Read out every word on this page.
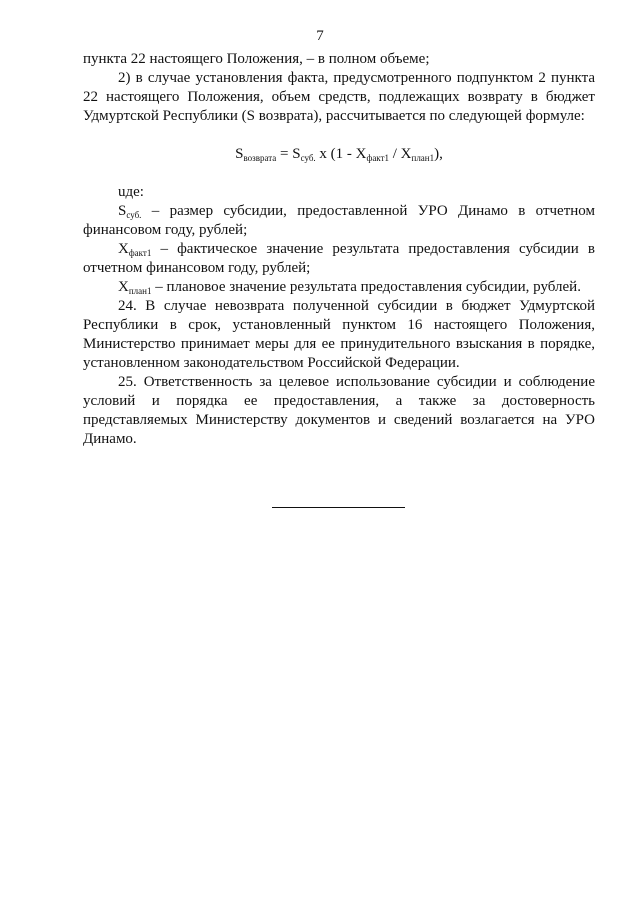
7

пункта 22 настоящего Положения, – в полном объеме;

2) в случае установления факта, предусмотренного подпунктом 2 пункта 22 настоящего Положения, объем средств, подлежащих возврату в бюджет Удмуртской Республики (S возврата), рассчитывается по следующей формуле:

$S_{возврата} = S_{суб.}$ x $(1 - X_{факт1} / X_{план1})$,

uде:

$S_{суб.}$ – размер субсидии, предоставленной УРО Динамо в отчетном финансовом году, рублей;

$X_{факт1}$ – фактическое значение результата предоставления субсидии в отчетном финансовом году, рублей;

$X_{план1}$ – плановое значение результата предоставления субсидии, рублей.

24. В случае невозврата полученной субсидии в бюджет Удмуртской Республики в срок, установленный пунктом 16 настоящего Положения, Министерство принимает меры для ее принудительного взыскания в порядке, установленном законодательством Российской Федерации.

25. Ответственность за целевое использование субсидии и соблюдение условий и порядка ее предоставления, а также за достоверность представляемых Министерству документов и сведений возлагается на УРО Динамо.
